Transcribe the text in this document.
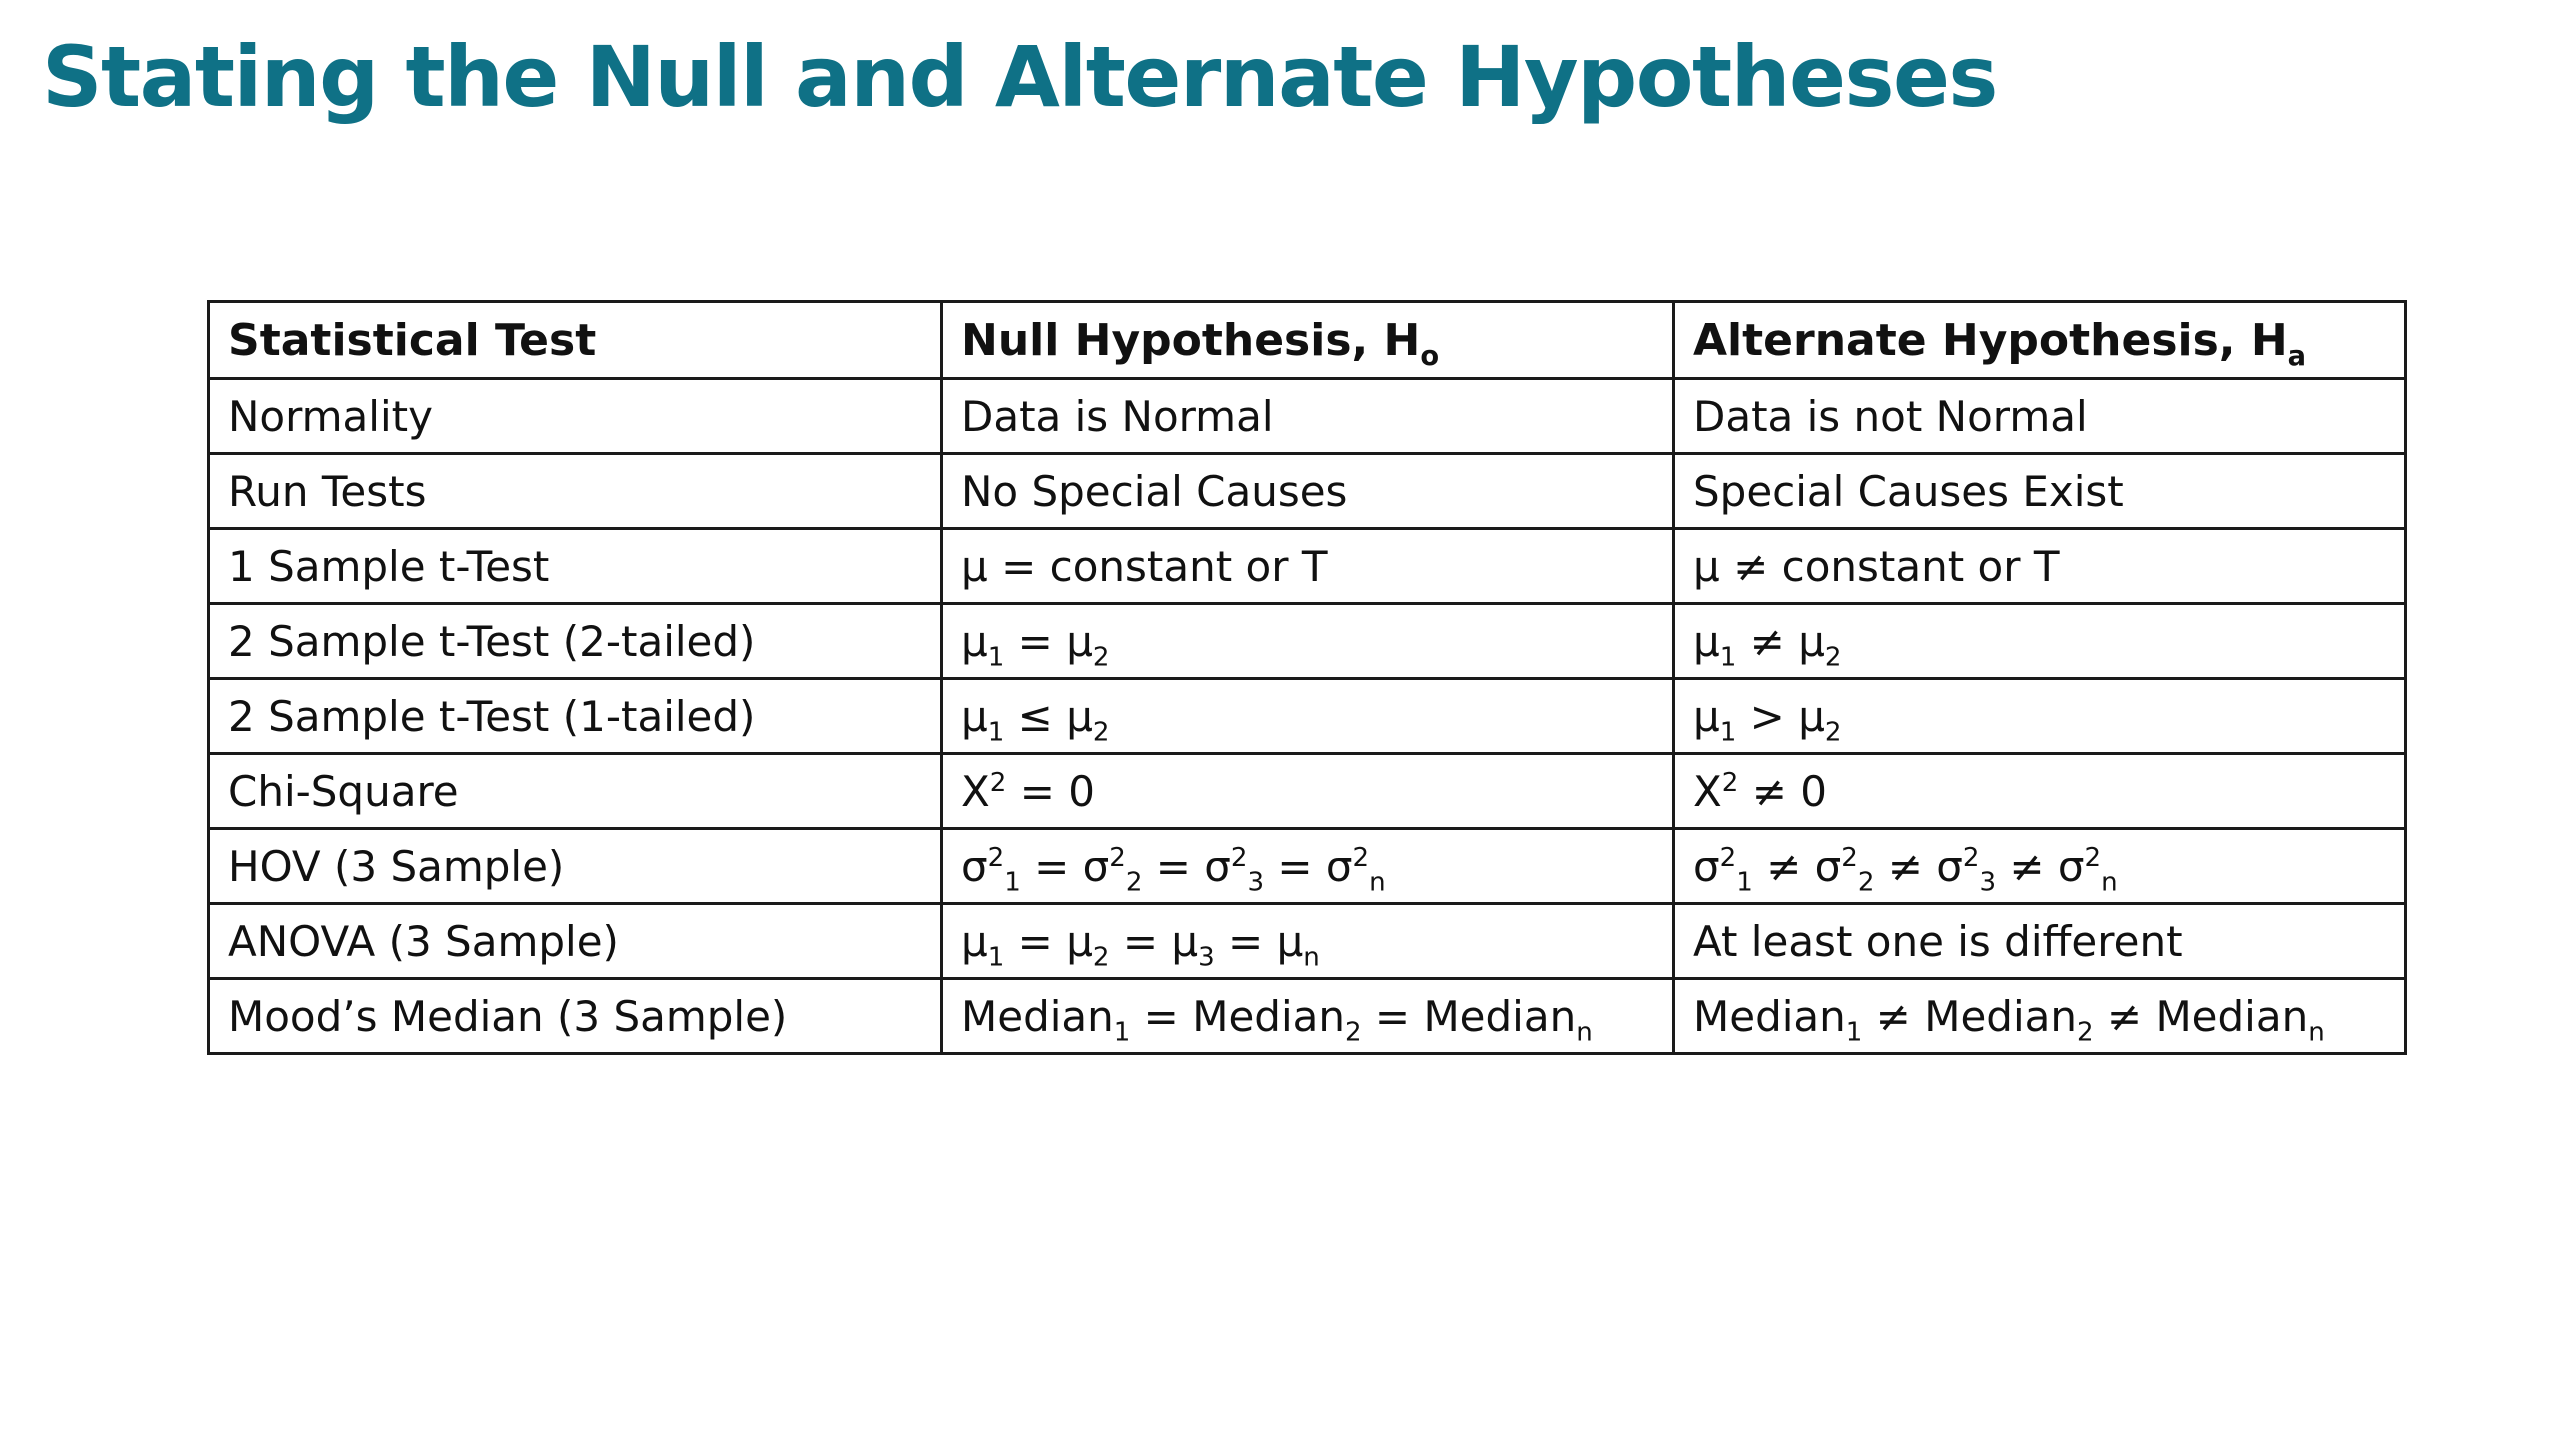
Stating the Null and Alternate Hypotheses
Statistical Test	Null Hypothesis, $H_o$	Alternate Hypothesis, $H_a$
Normality	Data is Normal	Data is not Normal
Run Tests	No Special Causes	Special Causes Exist
1 Sample t-Test	μ = constant or T	μ ≠ constant or T
2 Sample t-Test (2-tailed)	$\mu_1 = \mu_2$	$\mu_1 \ne \mu_2$
2 Sample t-Test (1-tailed)	$\mu_1 \le \mu_2$	$\mu_1 > \mu_2$
Chi-Square	$X^2 = 0$	$X^2 \ne 0$
HOV (3 Sample)	$\sigma^2_1 = \sigma^2_2 = \sigma^2_3 = \sigma^2_n$	$\sigma^2_1 \ne \sigma^2_2 \ne \sigma^2_3 \ne \sigma^2_n$
ANOVA (3 Sample)	$\mu_1 = \mu_2 = \mu_3 = \mu_n$	At least one is different
Mood’s Median (3 Sample)	Median$_1$ = Median$_2$ = Median$_n$	Median$_1$ ≠ Median$_2$ ≠ Median$_n$
